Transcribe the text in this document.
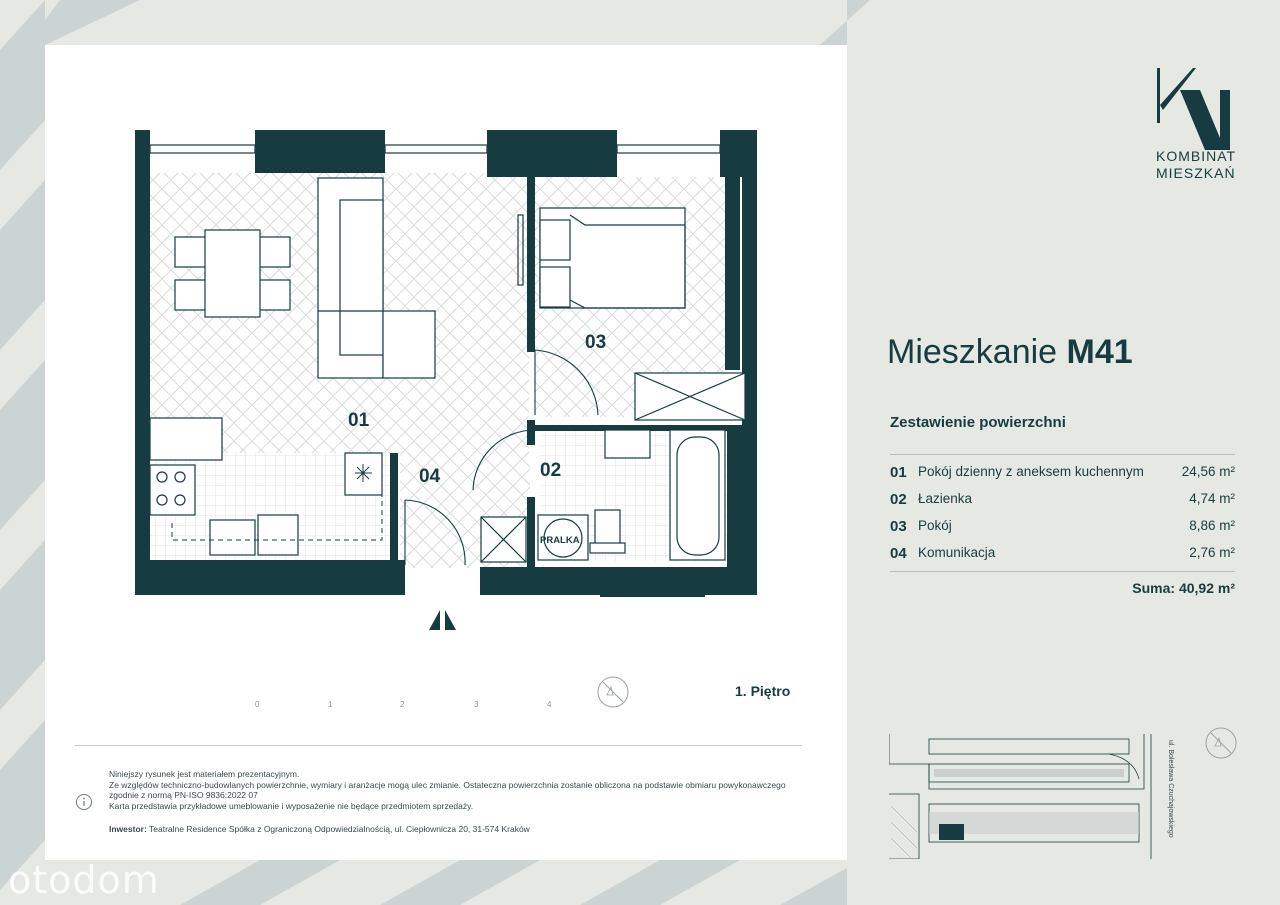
PRALKA
01
02
03
04
0	1	2	3	4
1. Piętro
Niniejszy rysunek jest materiałem prezentacyjnym.
Ze względów techniczno-budowlanych powierzchnie, wymiary i aranżacje mogą ulec zmianie. Ostateczna powierzchnia zostanie obliczona na podstawie obmiaru powykonawczego zgodnie z normą PN-ISO 9836:2022 07
Karta przedstawia przykładowe umeblowanie i wyposażenie nie będące przedmiotem sprzedaży.
Inwestor: Teatralne Residence Spółka z Ograniczoną Odpowiedzialnością, ul. Ciepłownicza 20, 31-574 Kraków
KOMBINAT
MIESZKAŃ
Mieszkanie M41
Zestawienie powierzchni
01 Pokój dzienny z aneksem kuchennym	24,56 m²
02 Łazienka	4,74 m²
03 Pokój	8,86 m²
04 Komunikacja	2,76 m²
Suma: 40,92 m²
ul. Bolesława Czuchajowskiego
otodom
